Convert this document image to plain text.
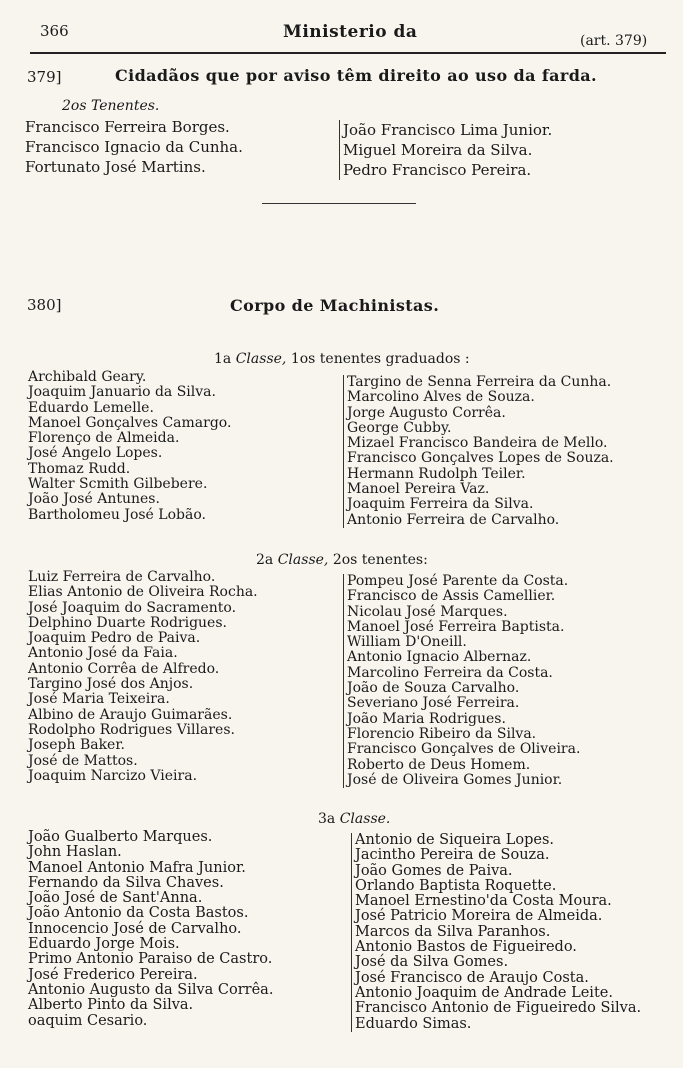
366	Ministerio da	(art. 379)
379]	Cidadãos que por aviso têm direito ao uso da farda.
2os Tenentes.
Francisco Ferreira Borges.
Francisco Ignacio da Cunha.
Fortunato José Martins.
João Francisco Lima Junior.
Miguel Moreira da Silva.
Pedro Francisco Pereira.
380]	Corpo de Machinistas.
1a Classe, 1os tenentes graduados :
Archibald Geary.
Joaquim Januario da Silva.
Eduardo Lemelle.
Manoel Gonçalves Camargo.
Florenço de Almeida.
José Angelo Lopes.
Thomaz Rudd.
Walter Scmith Gilbebere.
João José Antunes.
Bartholomeu José Lobão.
Targino de Senna Ferreira da Cunha.
Marcolino Alves de Souza.
Jorge Augusto Corrêa.
George Cubby.
Mizael Francisco Bandeira de Mello.
Francisco Gonçalves Lopes de Souza.
Hermann Rudolph Teiler.
Manoel Pereira Vaz.
Joaquim Ferreira da Silva.
Antonio Ferreira de Carvalho.
2a Classe, 2os tenentes:
Luiz Ferreira de Carvalho.
Elias Antonio de Oliveira Rocha.
José Joaquim do Sacramento.
Delphino Duarte Rodrigues.
Joaquim Pedro de Paiva.
Antonio José da Faia.
Antonio Corrêa de Alfredo.
Targino José dos Anjos.
José Maria Teixeira.
Albino de Araujo Guimarães.
Rodolpho Rodrigues Villares.
Joseph Baker.
José de Mattos.
Joaquim Narcizo Vieira.
Pompeu José Parente da Costa.
Francisco de Assis Camellier.
Nicolau José Marques.
Manoel José Ferreira Baptista.
William D'Oneill.
Antonio Ignacio Albernaz.
Marcolino Ferreira da Costa.
João de Souza Carvalho.
Severiano José Ferreira.
João Maria Rodrigues.
Florencio Ribeiro da Silva.
Francisco Gonçalves de Oliveira.
Roberto de Deus Homem.
José de Oliveira Gomes Junior.
3a Classe.
João Gualberto Marques.
John Haslan.
Manoel Antonio Mafra Junior.
Fernando da Silva Chaves.
João José de Sant'Anna.
João Antonio da Costa Bastos.
Innocencio José de Carvalho.
Eduardo Jorge Mois.
Primo Antonio Paraiso de Castro.
José Frederico Pereira.
Antonio Augusto da Silva Corrêa.
Alberto Pinto da Silva.
oaquim Cesario.
Antonio de Siqueira Lopes.
Jacintho Pereira de Souza.
João Gomes de Paiva.
Orlando Baptista Roquette.
Manoel Ernestino'da Costa Moura.
José Patricio Moreira de Almeida.
Marcos da Silva Paranhos.
Antonio Bastos de Figueiredo.
José da Silva Gomes.
José Francisco de Araujo Costa.
Antonio Joaquim de Andrade Leite.
Francisco Antonio de Figueiredo Silva.
Eduardo Simas.
